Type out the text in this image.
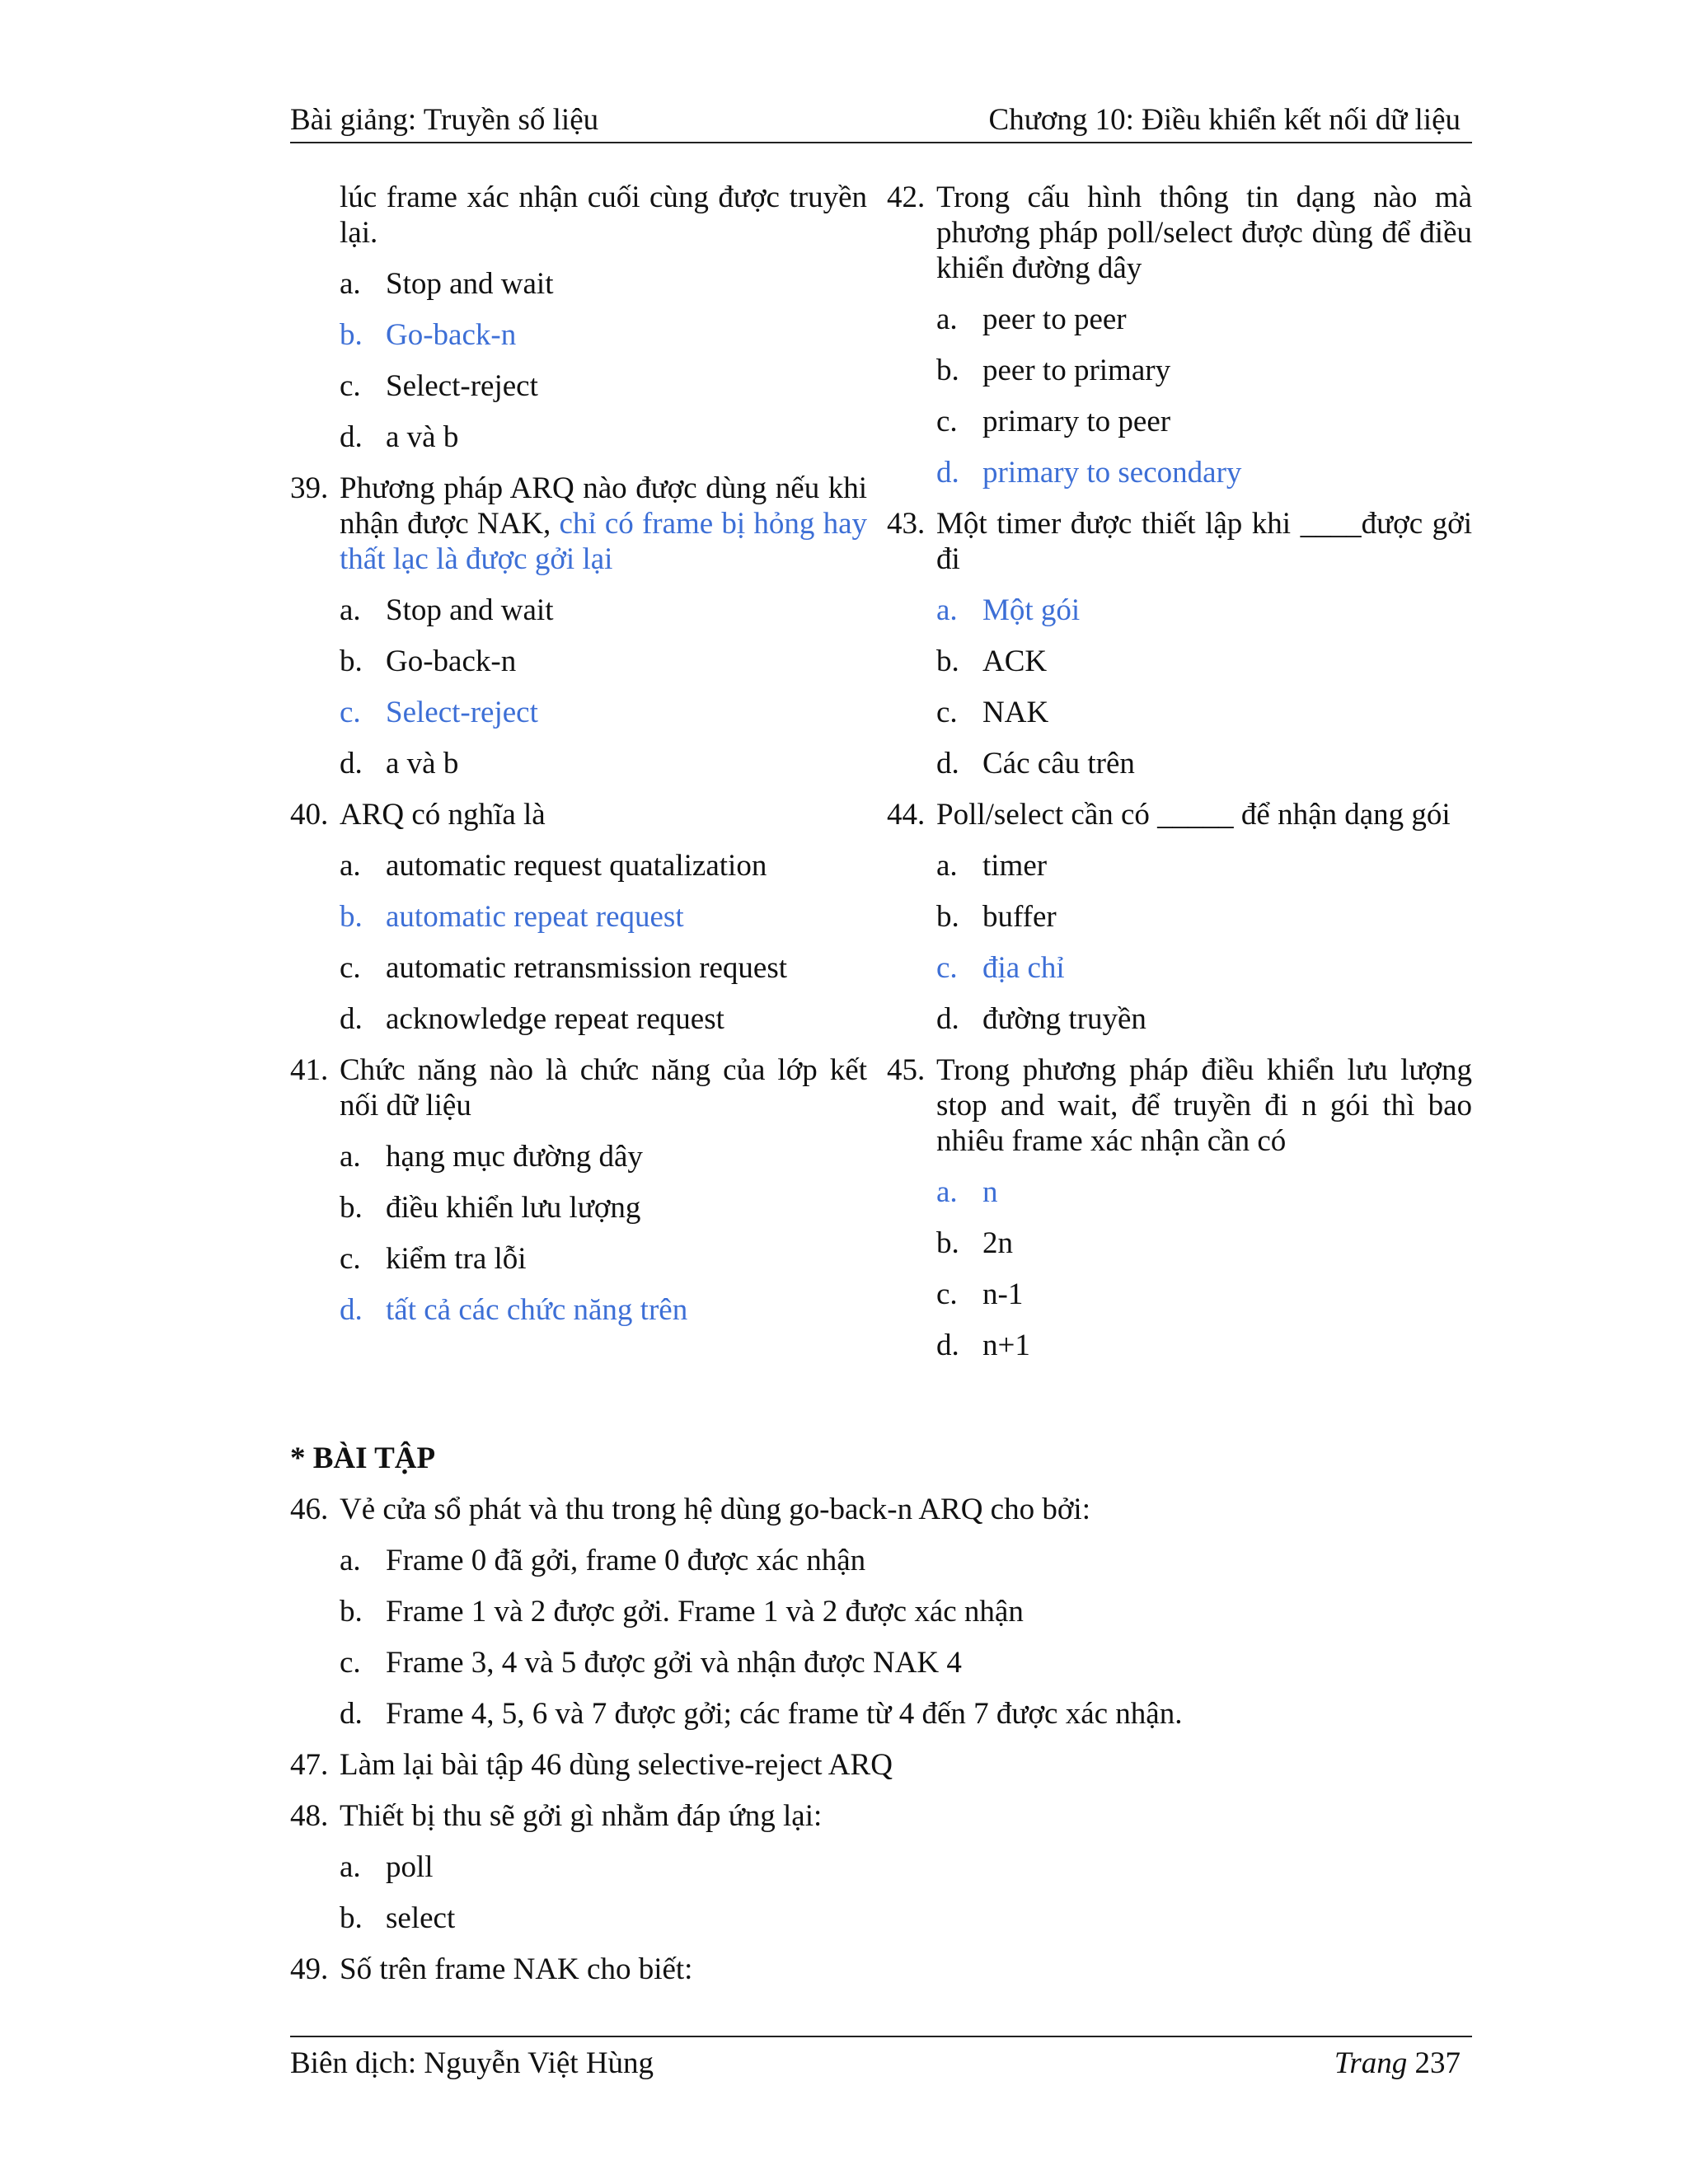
Bài giảng: Truyền số liệu	Chương 10: Điều khiển kết nối dữ liệu
lúc frame xác nhận cuối cùng được truyền lại.
a. Stop and wait
b. Go-back-n
c. Select-reject
d. a và b
39. Phương pháp ARQ nào được dùng nếu khi nhận được NAK, chỉ có frame bị hỏng hay thất lạc là được gởi lại
a. Stop and wait
b. Go-back-n
c. Select-reject
d. a và b
40. ARQ có nghĩa là
a. automatic request quatalization
b. automatic repeat request
c. automatic retransmission request
d. acknowledge repeat request
41. Chức năng nào là chức năng của lớp kết nối dữ liệu
a. hạng mục đường dây
b. điều khiển lưu lượng
c. kiểm tra lỗi
d. tất cả các chức năng trên
42. Trong cấu hình thông tin dạng nào mà phương pháp poll/select được dùng để điều khiển đường dây
a. peer to peer
b. peer to primary
c. primary to peer
d. primary to secondary
43. Một timer được thiết lập khi ____được gởi đi
a. Một gói
b. ACK
c. NAK
d. Các câu trên
44. Poll/select cần có _____ để nhận dạng gói
a. timer
b. buffer
c. địa chỉ
d. đường truyền
45. Trong phương pháp điều khiển lưu lượng stop and wait, để truyền đi n gói thì bao nhiêu frame xác nhận cần có
a. n
b. 2n
c. n-1
d. n+1
* BÀI TẬP
46. Vẻ cửa sổ phát và thu trong hệ dùng go-back-n ARQ cho bởi:
a. Frame 0 đã gởi, frame 0 được xác nhận
b. Frame 1 và 2 được gởi. Frame 1 và 2 được xác nhận
c. Frame 3, 4 và 5 được gởi và nhận được NAK 4
d. Frame 4, 5, 6 và 7 được gởi; các frame từ 4 đến 7 được xác nhận.
47. Làm lại bài tập 46 dùng selective-reject ARQ
48. Thiết bị thu sẽ gởi gì nhằm đáp ứng lại:
a. poll
b. select
49. Số trên frame NAK cho biết:
Biên dịch: Nguyễn Việt Hùng	Trang 237
